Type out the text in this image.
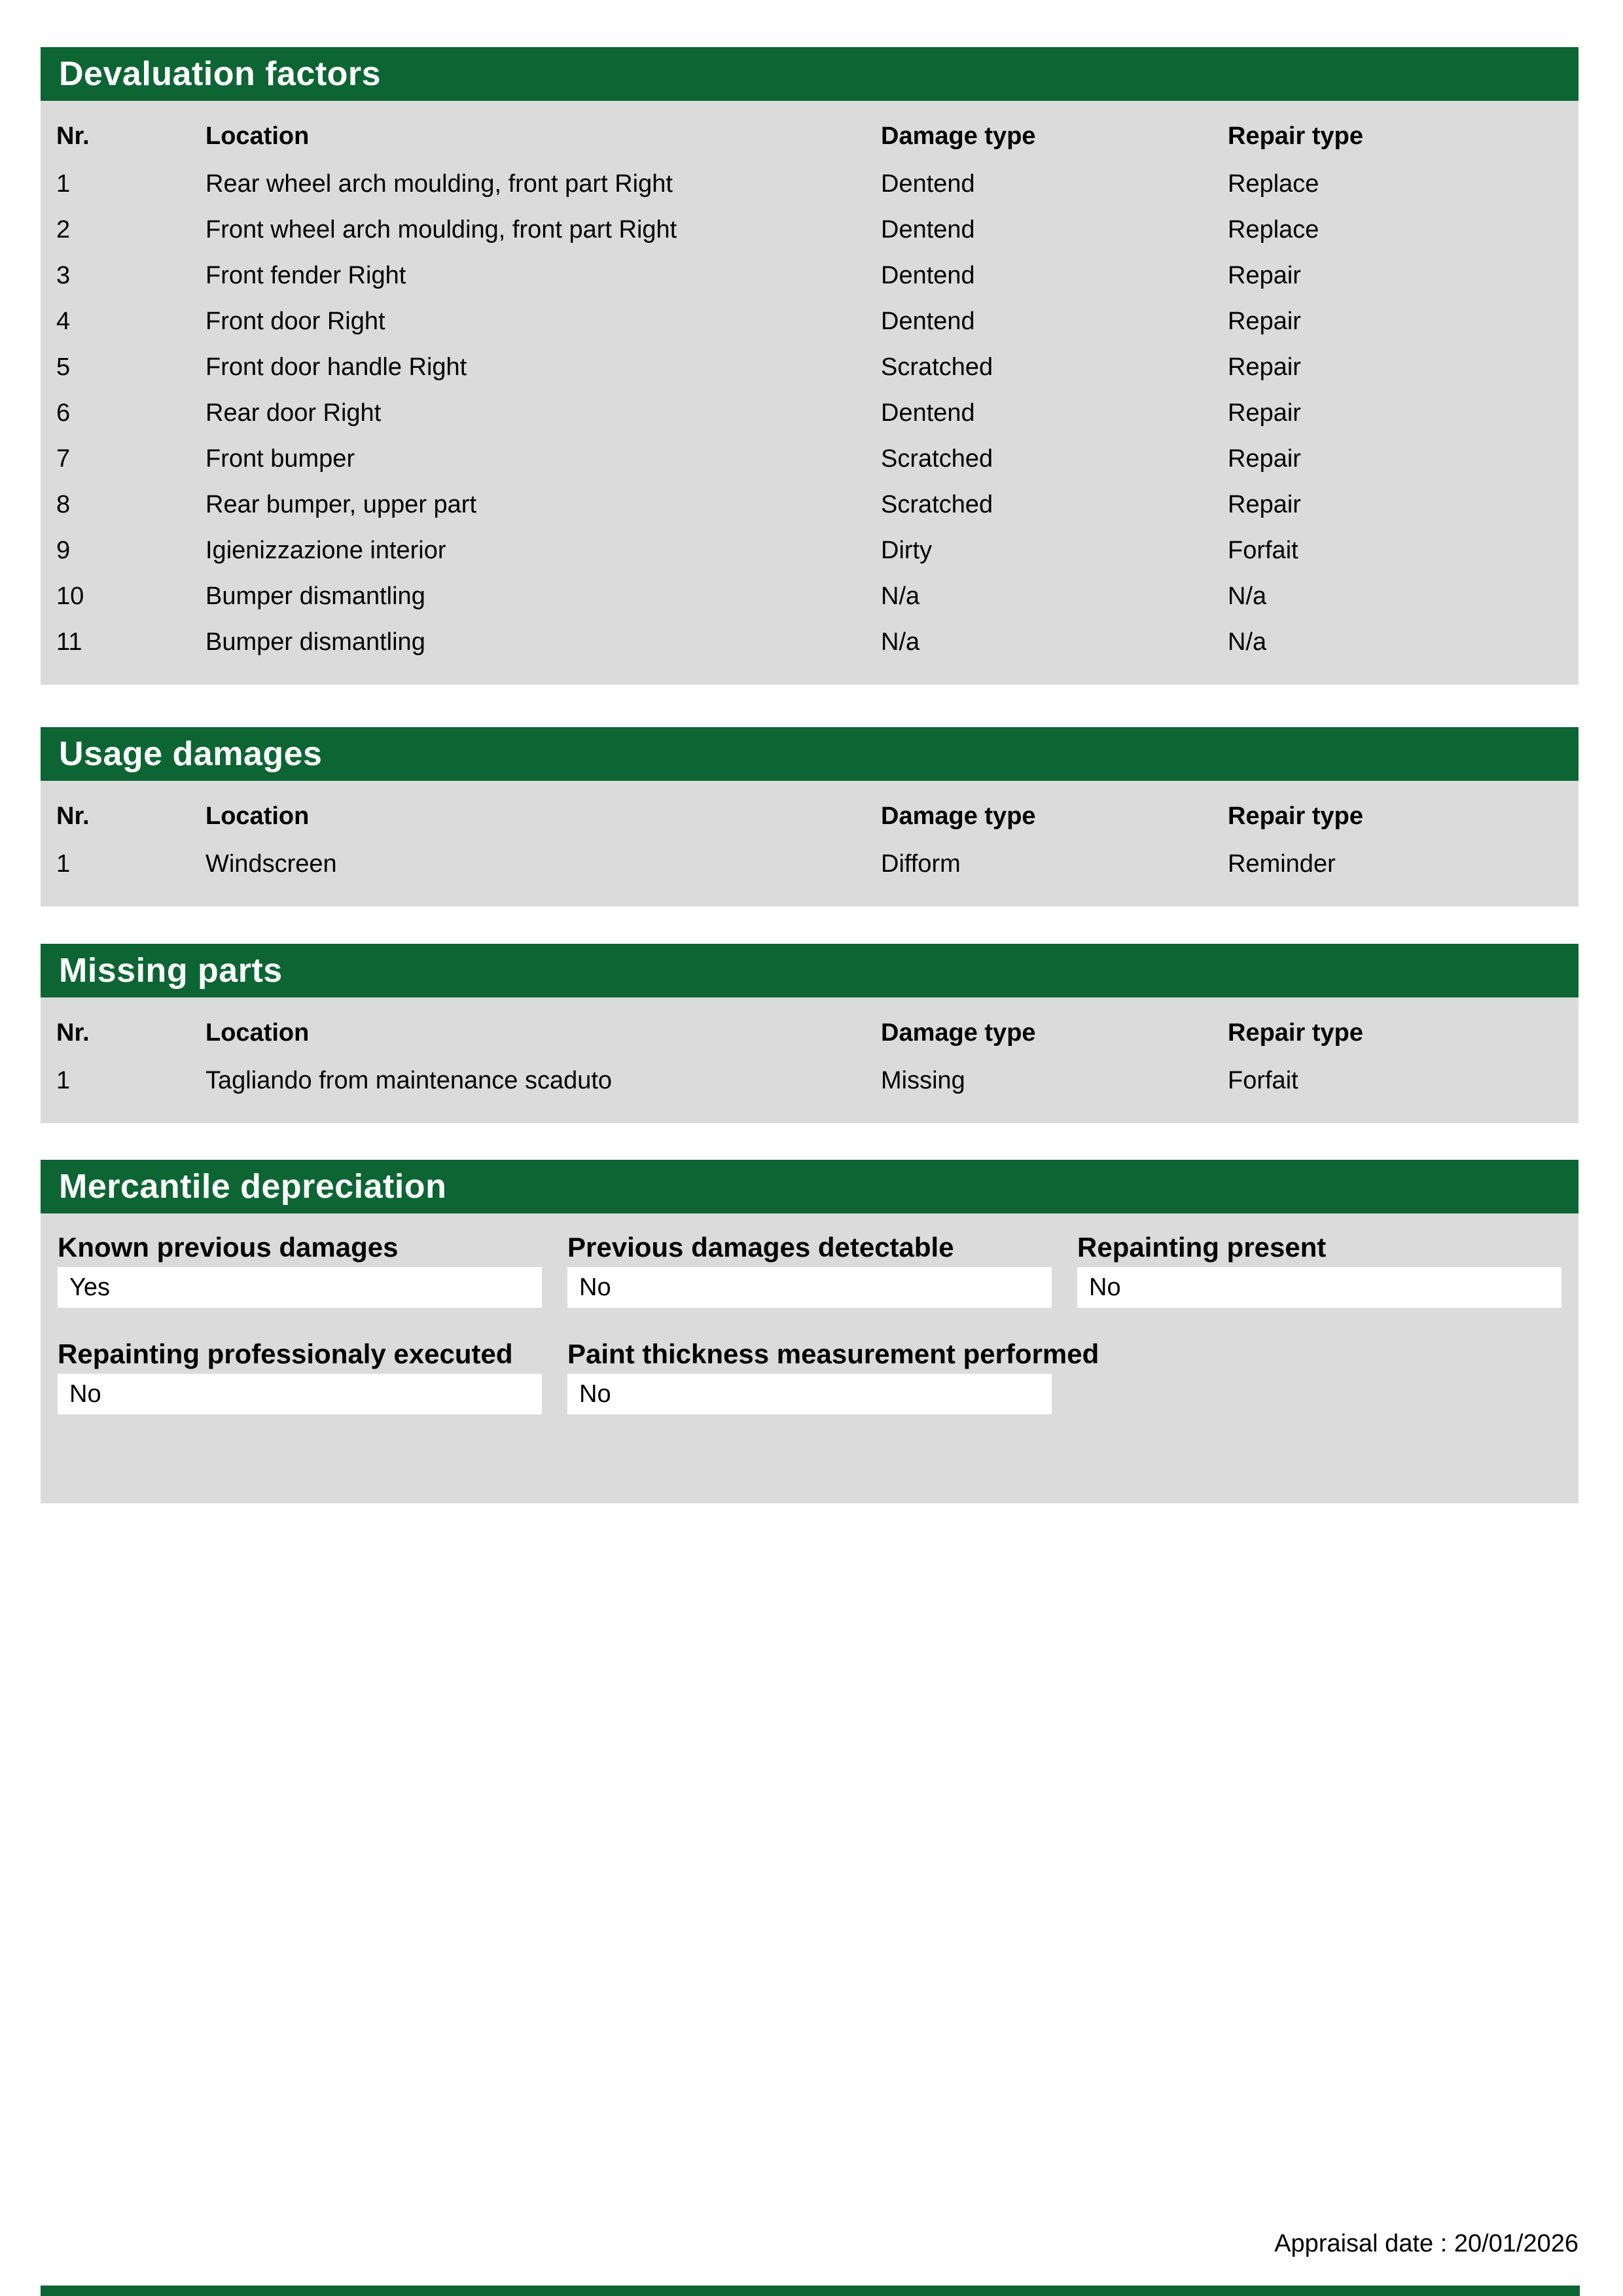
Devaluation factors
Nr.	Location	Damage type	Repair type
1	Rear wheel arch moulding, front part Right	Dentend	Replace
2	Front wheel arch moulding, front part Right	Dentend	Replace
3	Front fender Right	Dentend	Repair
4	Front door Right	Dentend	Repair
5	Front door handle Right	Scratched	Repair
6	Rear door Right	Dentend	Repair
7	Front bumper	Scratched	Repair
8	Rear bumper, upper part	Scratched	Repair
9	Igienizzazione interior	Dirty	Forfait
10	Bumper dismantling	N/a	N/a
11	Bumper dismantling	N/a	N/a
Usage damages
Nr.	Location	Damage type	Repair type
1	Windscreen	Difform	Reminder
Missing parts
Nr.	Location	Damage type	Repair type
1	Tagliando from maintenance scaduto	Missing	Forfait
Mercantile depreciation
Known previous damages
Yes
Previous damages detectable
No
Repainting present
No
Repainting professionaly executed
No
Paint thickness measurement performed
No
Appraisal date : 20/01/2026
